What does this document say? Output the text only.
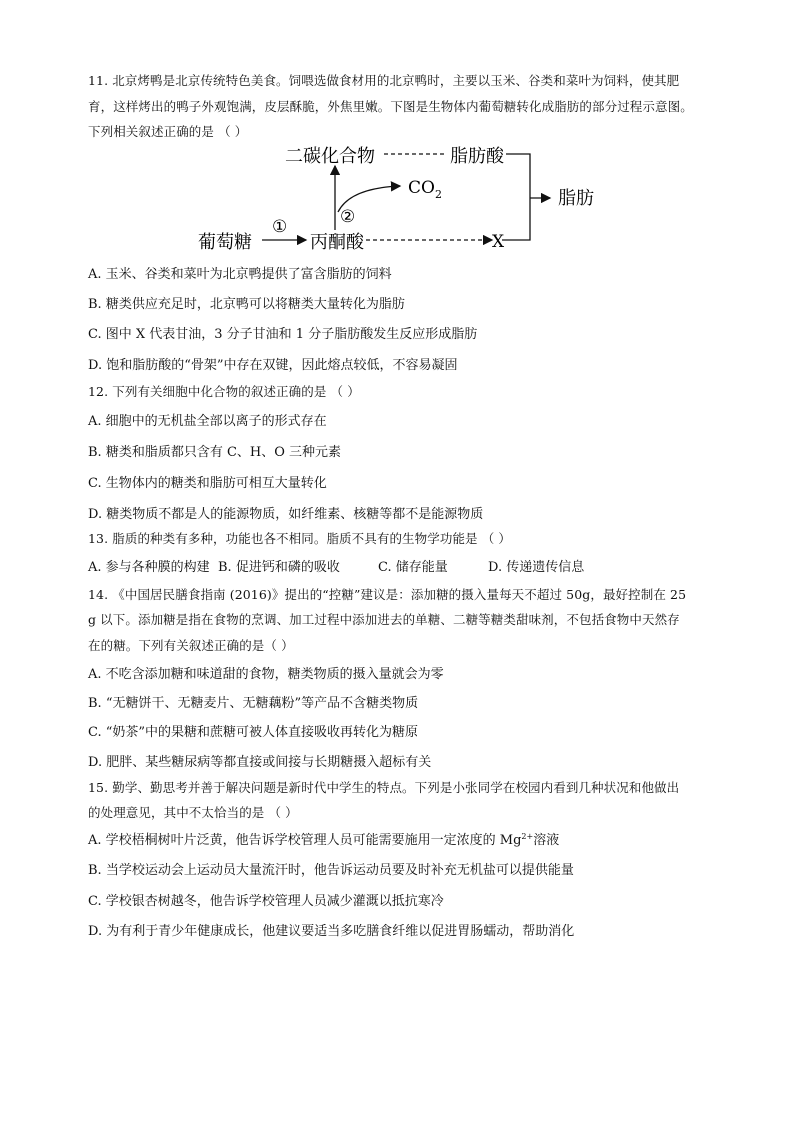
11. 北京烤鸭是北京传统特色美食。饲喂选做食材用的北京鸭时，主要以玉米、谷类和菜叶为饲料，使其肥
育，这样烤出的鸭子外观饱满，皮层酥脆，外焦里嫩。下图是生物体内葡萄糖转化成脂肪的部分过程示意图。
下列相关叙述正确的是 （ ）
二碳化合物	脂肪酸
脂肪
$CO_2$
②
葡萄糖
①
丙酮酸	X
A. 玉米、谷类和菜叶为北京鸭提供了富含脂肪的饲料
B. 糖类供应充足时，北京鸭可以将糖类大量转化为脂肪
C. 图中 X 代表甘油，3 分子甘油和 1 分子脂肪酸发生反应形成脂肪
D. 饱和脂肪酸的“骨架”中存在双键，因此熔点较低，不容易凝固
12. 下列有关细胞中化合物的叙述正确的是 （ ）
A. 细胞中的无机盐全部以离子的形式存在
B. 糖类和脂质都只含有 C、H、O 三种元素
C. 生物体内的糖类和脂肪可相互大量转化
D. 糖类物质不都是人的能源物质，如纤维素、核糖等都不是能源物质
13. 脂质的种类有多种，功能也各不相同。脂质不具有的生物学功能是 （ ）
A. 参与各种膜的构建 B. 促进钙和磷的吸收	C. 储存能量	D. 传递遗传信息
14. 《中国居民膳食指南 (2016)》提出的“控糖”建议是：添加糖的摄入量每天不超过 50g，最好控制在 25
g 以下。添加糖是指在食物的烹调、加工过程中添加进去的单糖、二糖等糖类甜味剂，不包括食物中天然存
在的糖。下列有关叙述正确的是（ ）
A. 不吃含添加糖和味道甜的食物，糖类物质的摄入量就会为零
B. “无糖饼干、无糖麦片、无糖藕粉”等产品不含糖类物质
C. “奶茶”中的果糖和蔗糖可被人体直接吸收再转化为糖原
D. 肥胖、某些糖尿病等都直接或间接与长期糖摄入超标有关
15. 勤学、勤思考并善于解决问题是新时代中学生的特点。下列是小张同学在校园内看到几种状况和他做出
的处理意见，其中不太恰当的是 （ ）
A. 学校梧桐树叶片泛黄，他告诉学校管理人员可能需要施用一定浓度的 $Mg^{2+}$溶液
B. 当学校运动会上运动员大量流汗时，他告诉运动员要及时补充无机盐可以提供能量
C. 学校银杏树越冬，他告诉学校管理人员减少灌溉以抵抗寒冷
D. 为有利于青少年健康成长，他建议要适当多吃膳食纤维以促进胃肠蠕动，帮助消化
